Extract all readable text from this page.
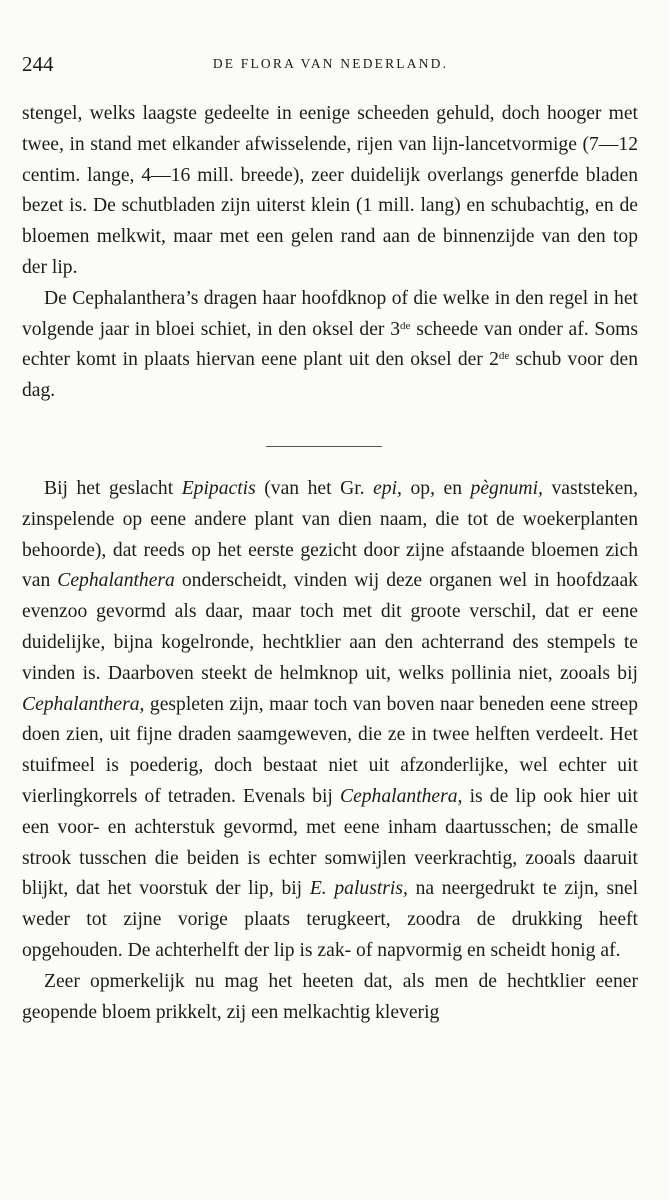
244	DE FLORA VAN NEDERLAND.

stengel, welks laagste gedeelte in eenige scheeden gehuld, doch hooger met twee, in stand met elkander afwisselende, rijen van lijn-lancetvormige (7—12 centim. lange, 4—16 mill. breede), zeer duidelijk overlangs generfde bladen bezet is. De schutbladen zijn uiterst klein (1 mill. lang) en schubachtig, en de bloemen melkwit, maar met een gelen rand aan de binnenzijde van den top der lip.

De Cephalanthera’s dragen haar hoofdknop of die welke in den regel in het volgende jaar in bloei schiet, in den oksel der 3de scheede van onder af. Soms echter komt in plaats hiervan eene plant uit den oksel der 2de schub voor den dag.

Bij het geslacht Epipactis (van het Gr. epi, op, en pègnumi, vaststeken, zinspelende op eene andere plant van dien naam, die tot de woekerplanten behoorde), dat reeds op het eerste gezicht door zijne afstaande bloemen zich van Cephalanthera onderscheidt, vinden wij deze organen wel in hoofdzaak evenzoo gevormd als daar, maar toch met dit groote verschil, dat er eene duidelijke, bijna kogelronde, hechtklier aan den achterrand des stempels te vinden is. Daarboven steekt de helmknop uit, welks pollinia niet, zooals bij Cephalanthera, gespleten zijn, maar toch van boven naar beneden eene streep doen zien, uit fijne draden saamgeweven, die ze in twee helften verdeelt. Het stuifmeel is poederig, doch bestaat niet uit afzonderlijke, wel echter uit vierlingkorrels of tetraden. Evenals bij Cephalanthera, is de lip ook hier uit een voor- en achterstuk gevormd, met eene inham daartusschen; de smalle strook tusschen die beiden is echter somwijlen veerkrachtig, zooals daaruit blijkt, dat het voorstuk der lip, bij E. palustris, na neergedrukt te zijn, snel weder tot zijne vorige plaats terugkeert, zoodra de drukking heeft opgehouden. De achterhelft der lip is zak- of napvormig en scheidt honig af.

Zeer opmerkelijk nu mag het heeten dat, als men de hechtklier eener geopende bloem prikkelt, zij een melkachtig kleverig
